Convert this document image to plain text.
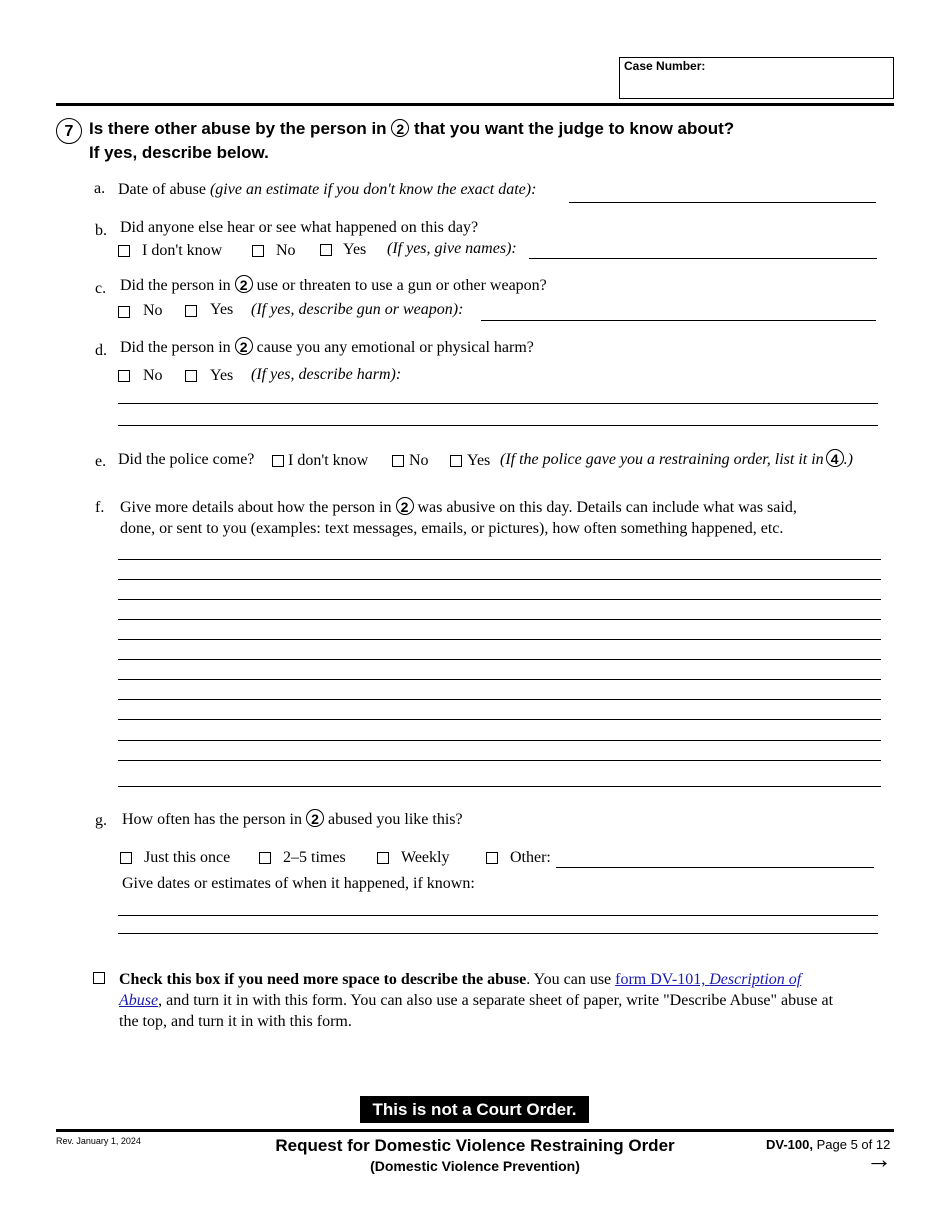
Case Number:
7 Is there other abuse by the person in 2 that you want the judge to know about?
If yes, describe below.
a. Date of abuse (give an estimate if you don't know the exact date):
b. Did anyone else hear or see what happened on this day?
I don't know	No	Yes (If yes, give names):
c. Did the person in 2 use or threaten to use a gun or other weapon?
No	Yes (If yes, describe gun or weapon):
d. Did the person in 2 cause you any emotional or physical harm?
No	Yes (If yes, describe harm):
e. Did the police come? I don't know	No Yes (If the police gave you a restraining order, list it in 4 .)
f. Give more details about how the person in 2 was abusive on this day. Details can include what was said,
done, or sent to you (examples: text messages, emails, or pictures), how often something happened, etc.
g. How often has the person in 2 abused you like this?
Just this once	2–5 times	Weekly	Other:
Give dates or estimates of when it happened, if known:
Check this box if you need more space to describe the abuse. You can use form DV-101, Description of
Abuse, and turn it in with this form. You can also use a separate sheet of paper, write "Describe Abuse" abuse at
the top, and turn it in with this form.
This is not a Court Order.
Rev. January 1, 2024	Request for Domestic Violence Restraining Order
(Domestic Violence Prevention)
DV-100, Page 5 of 12
→
